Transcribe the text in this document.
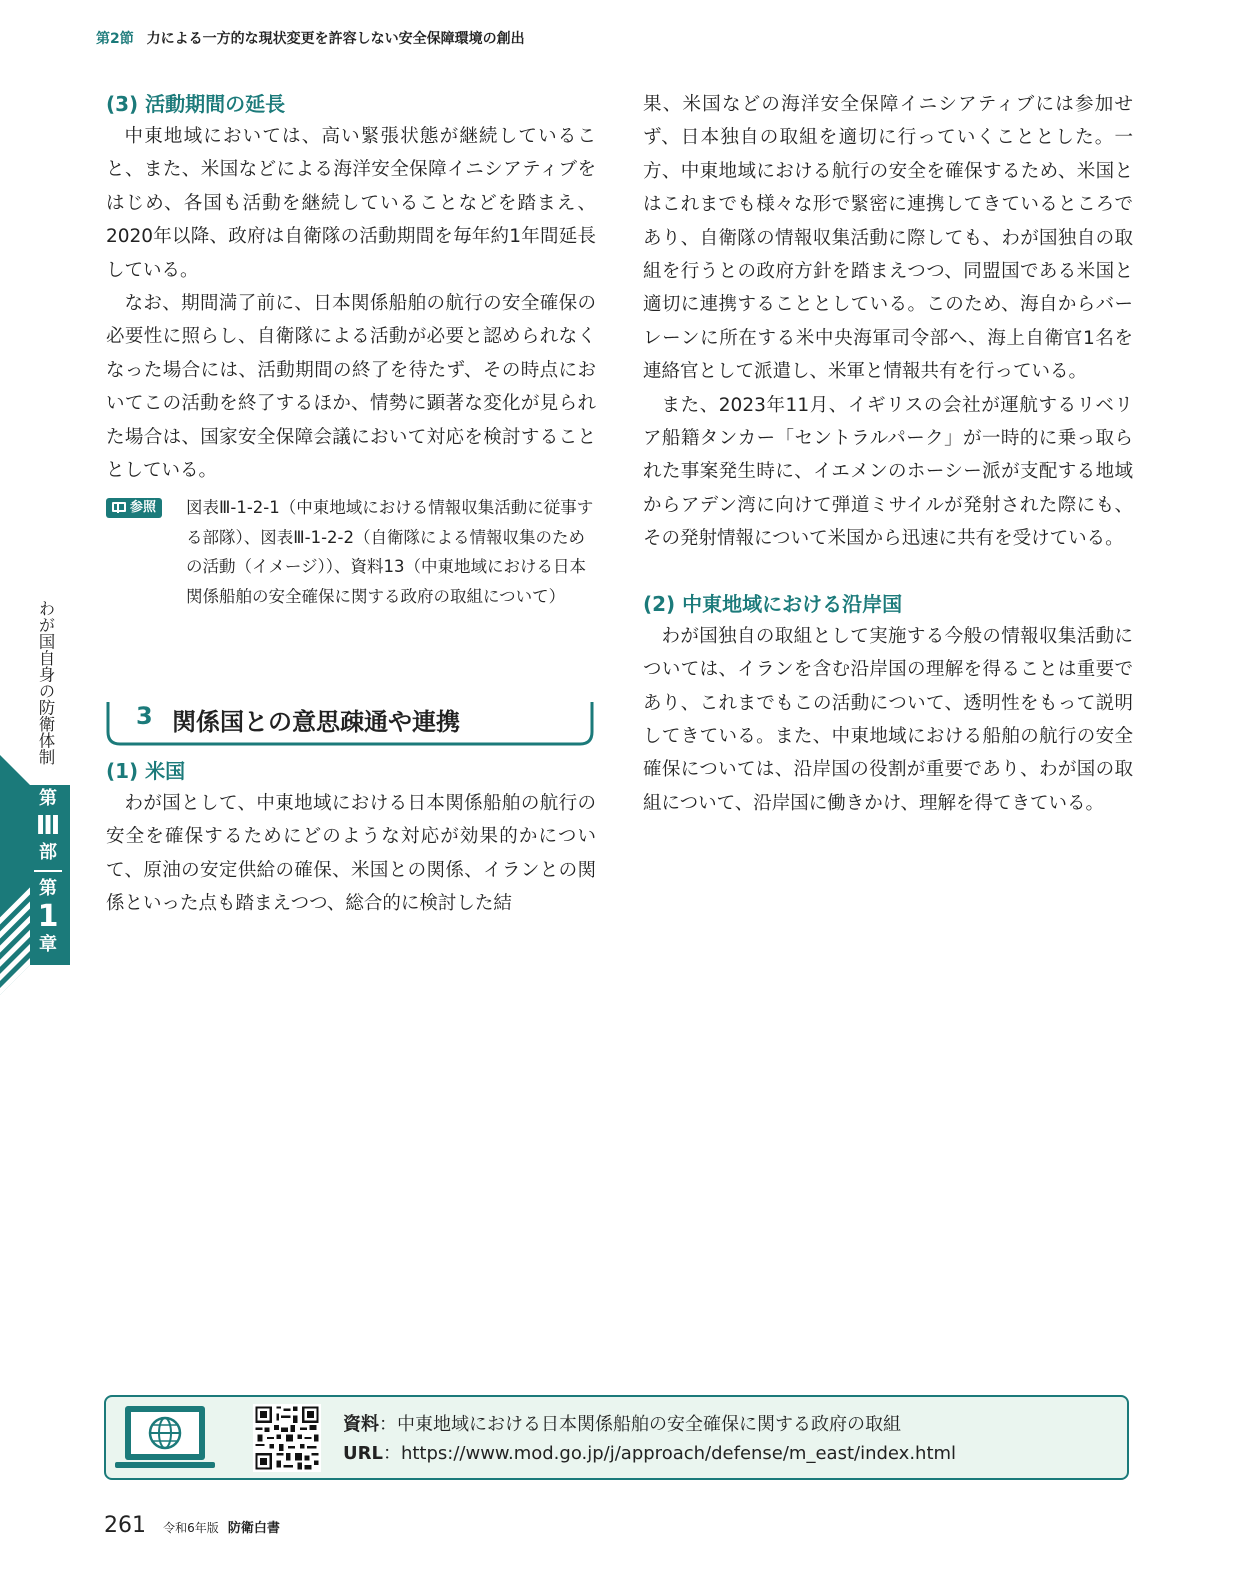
第2節 力による一方的な現状変更を許容しない安全保障環境の創出
わが国自身の防衛体制
第
Ⅲ
部
第
1
章
(3) 活動期間の延長

中東地域においては、高い緊張状態が継続していること、また、米国などによる海洋安全保障イニシアティブをはじめ、各国も活動を継続していることなどを踏まえ、2020年以降、政府は自衛隊の活動期間を毎年約1年間延長している。

なお、期間満了前に、日本関係船舶の航行の安全確保の必要性に照らし、自衛隊による活動が必要と認められなくなった場合には、活動期間の終了を待たず、その時点においてこの活動を終了するほか、情勢に顕著な変化が見られた場合は、国家安全保障会議において対応を検討することとしている。

参照	図表Ⅲ-1-2-1（中東地域における情報収集活動に従事する部隊）、図表Ⅲ-1-2-2（自衛隊による情報収集のための活動（イメージ））、資料13（中東地域における日本関係船舶の安全確保に関する政府の取組について）
3 関係国との意思疎通や連携
(1) 米国

わが国として、中東地域における日本関係船舶の航行の安全を確保するためにどのような対応が効果的かについて、原油の安定供給の確保、米国との関係、イランとの関係といった点も踏まえつつ、総合的に検討した結

果、米国などの海洋安全保障イニシアティブには参加せず、日本独自の取組を適切に行っていくこととした。一方、中東地域における航行の安全を確保するため、米国とはこれまでも様々な形で緊密に連携してきているところであり、自衛隊の情報収集活動に際しても、わが国独自の取組を行うとの政府方針を踏まえつつ、同盟国である米国と適切に連携することとしている。このため、海自からバーレーンに所在する米中央海軍司令部へ、海上自衛官1名を連絡官として派遣し、米軍と情報共有を行っている。

また、2023年11月、イギリスの会社が運航するリベリア船籍タンカー「セントラルパーク」が一時的に乗っ取られた事案発生時に、イエメンのホーシー派が支配する地域からアデン湾に向けて弾道ミサイルが発射された際にも、その発射情報について米国から迅速に共有を受けている。

(2) 中東地域における沿岸国

わが国独自の取組として実施する今般の情報収集活動については、イランを含む沿岸国の理解を得ることは重要であり、これまでもこの活動について、透明性をもって説明してきている。また、中東地域における船舶の航行の安全確保については、沿岸国の役割が重要であり、わが国の取組について、沿岸国に働きかけ、理解を得てきている。

資料：中東地域における日本関係船舶の安全確保に関する政府の取組
URL：https://www.mod.go.jp/j/approach/defense/m_east/index.html
261 令和6年版 防衛白書
